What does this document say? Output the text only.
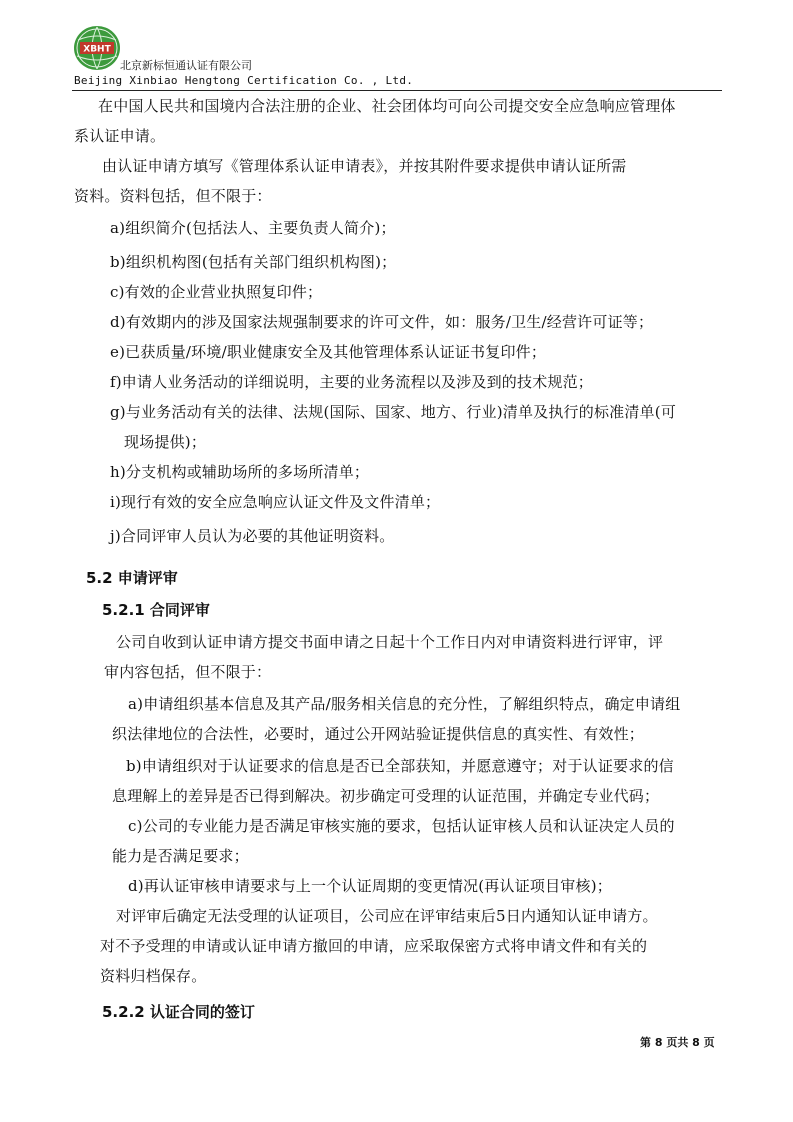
XBHT
北京新标恒通认证有限公司
Beijing Xinbiao Hengtong Certification Co. , Ltd.
在中国人民共和国境内合法注册的企业、社会团体均可向公司提交安全应急响应管理体
系认证申请。
由认证申请方填写《管理体系认证申请表》，并按其附件要求提供申请认证所需
资料。资料包括，但不限于：
a)组织简介(包括法人、主要负责人简介)；
b)组织机构图(包括有关部门组织机构图)；
c)有效的企业营业执照复印件；
d)有效期内的涉及国家法规强制要求的许可文件，如：服务/卫生/经营许可证等；
e)已获质量/环境/职业健康安全及其他管理体系认证证书复印件；
f)申请人业务活动的详细说明，主要的业务流程以及涉及到的技术规范；
g)与业务活动有关的法律、法规(国际、国家、地方、行业)清单及执行的标准清单(可
现场提供)；
h)分支机构或辅助场所的多场所清单；
i)现行有效的安全应急响应认证文件及文件清单；
j)合同评审人员认为必要的其他证明资料。
5.2 申请评审
5.2.1 合同评审
公司自收到认证申请方提交书面申请之日起十个工作日内对申请资料进行评审，评
审内容包括，但不限于：
a)申请组织基本信息及其产品/服务相关信息的充分性，了解组织特点，确定申请组
织法律地位的合法性，必要时，通过公开网站验证提供信息的真实性、有效性；
b)申请组织对于认证要求的信息是否已全部获知，并愿意遵守；对于认证要求的信
息理解上的差异是否已得到解决。初步确定可受理的认证范围，并确定专业代码；
c)公司的专业能力是否满足审核实施的要求，包括认证审核人员和认证决定人员的
能力是否满足要求；
d)再认证审核申请要求与上一个认证周期的变更情况(再认证项目审核)；
对评审后确定无法受理的认证项目，公司应在评审结束后5日内通知认证申请方。
对不予受理的申请或认证申请方撤回的申请，应采取保密方式将申请文件和有关的
资料归档保存。
5.2.2 认证合同的签订
第 8 页共 8 页
